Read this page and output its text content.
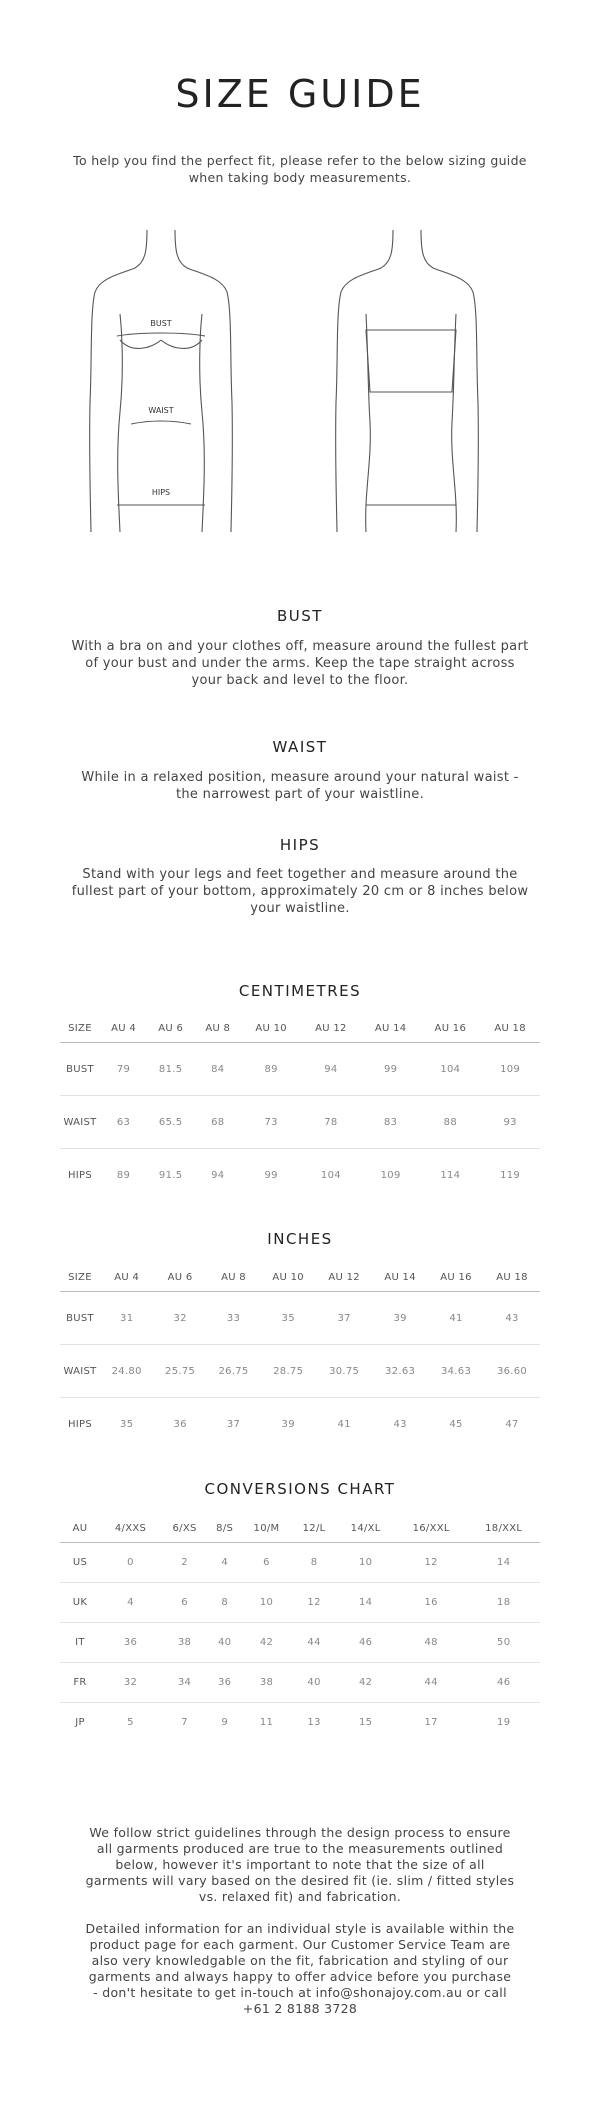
SIZE GUIDE
To help you find the perfect fit, please refer to the below sizing guide when taking body measurements.
BUST
WAIST
HIPS
BUST
With a bra on and your clothes off, measure around the fullest part of your bust and under the arms. Keep the tape straight across your back and level to the floor.
WAIST
While in a relaxed position, measure around your natural waist - the narrowest part of your waistline.
HIPS
Stand with your legs and feet together and measure around the fullest part of your bottom, approximately 20 cm or 8 inches below your waistline.
CENTIMETRES
SIZE	AU 4	AU 6	AU 8	AU 10	AU 12	AU 14	AU 16	AU 18
BUST	79	81.5	84	89	94	99	104	109
WAIST	63	65.5	68	73	78	83	88	93
HIPS	89	91.5	94	99	104	109	114	119
INCHES
SIZE	AU 4	AU 6	AU 8	AU 10	AU 12	AU 14	AU 16	AU 18
BUST	31	32	33	35	37	39	41	43
WAIST	24.80	25.75	26.75	28.75	30.75	32.63	34.63	36.60
HIPS	35	36	37	39	41	43	45	47
CONVERSIONS CHART
AU	4/XXS	6/XS	8/S	10/M	12/L	14/XL	16/XXL	18/XXL
US	0	2	4	6	8	10	12	14
UK	4	6	8	10	12	14	16	18
IT	36	38	40	42	44	46	48	50
FR	32	34	36	38	40	42	44	46
JP	5	7	9	11	13	15	17	19

We follow strict guidelines through the design process to ensure all garments produced are true to the measurements outlined below, however it's important to note that the size of all garments will vary based on the desired fit (ie. slim / fitted styles vs. relaxed fit) and fabrication.

Detailed information for an individual style is available within the product page for each garment. Our Customer Service Team are also very knowledgable on the fit, fabrication and styling of our garments and always happy to offer advice before you purchase - don't hesitate to get in-touch at info@shonajoy.com.au or call +61 2 8188 3728
